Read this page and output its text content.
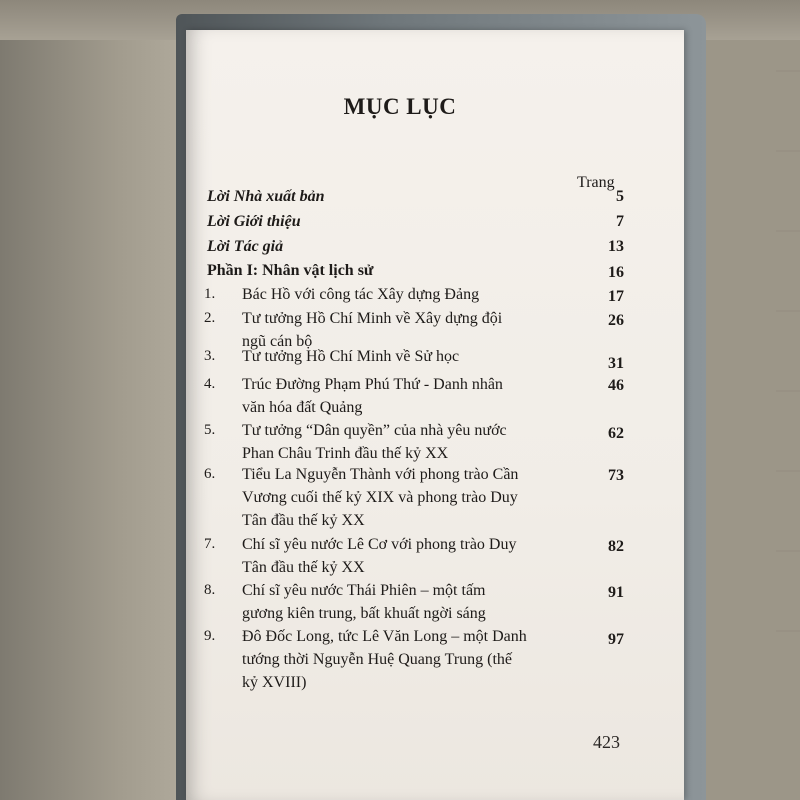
MỤC LỤC
Trang
Lời Nhà xuất bản	5
Lời Giới thiệu	7
Lời Tác giả	13
Phần I: Nhân vật lịch sử	16
1. Bác Hồ với công tác Xây dựng Đảng	17
2. Tư tưởng Hồ Chí Minh về Xây dựng đội
ngũ cán bộ
26
3. Tư tưởng Hồ Chí Minh về Sử học	31
4. Trúc Đường Phạm Phú Thứ - Danh nhân
văn hóa đất Quảng
46
5. Tư tưởng “Dân quyền” của nhà yêu nước
Phan Châu Trinh đầu thế kỷ XX
62
6. Tiểu La Nguyễn Thành với phong trào Cần
Vương cuối thế kỷ XIX và phong trào Duy
Tân đầu thế kỷ XX
73
7. Chí sĩ yêu nước Lê Cơ với phong trào Duy
Tân đầu thế kỷ XX
82
8. Chí sĩ yêu nước Thái Phiên – một tấm
gương kiên trung, bất khuất ngời sáng
91
9. Đô Đốc Long, tức Lê Văn Long – một Danh
tướng thời Nguyễn Huệ Quang Trung (thế
kỷ XVIII)
97
423
